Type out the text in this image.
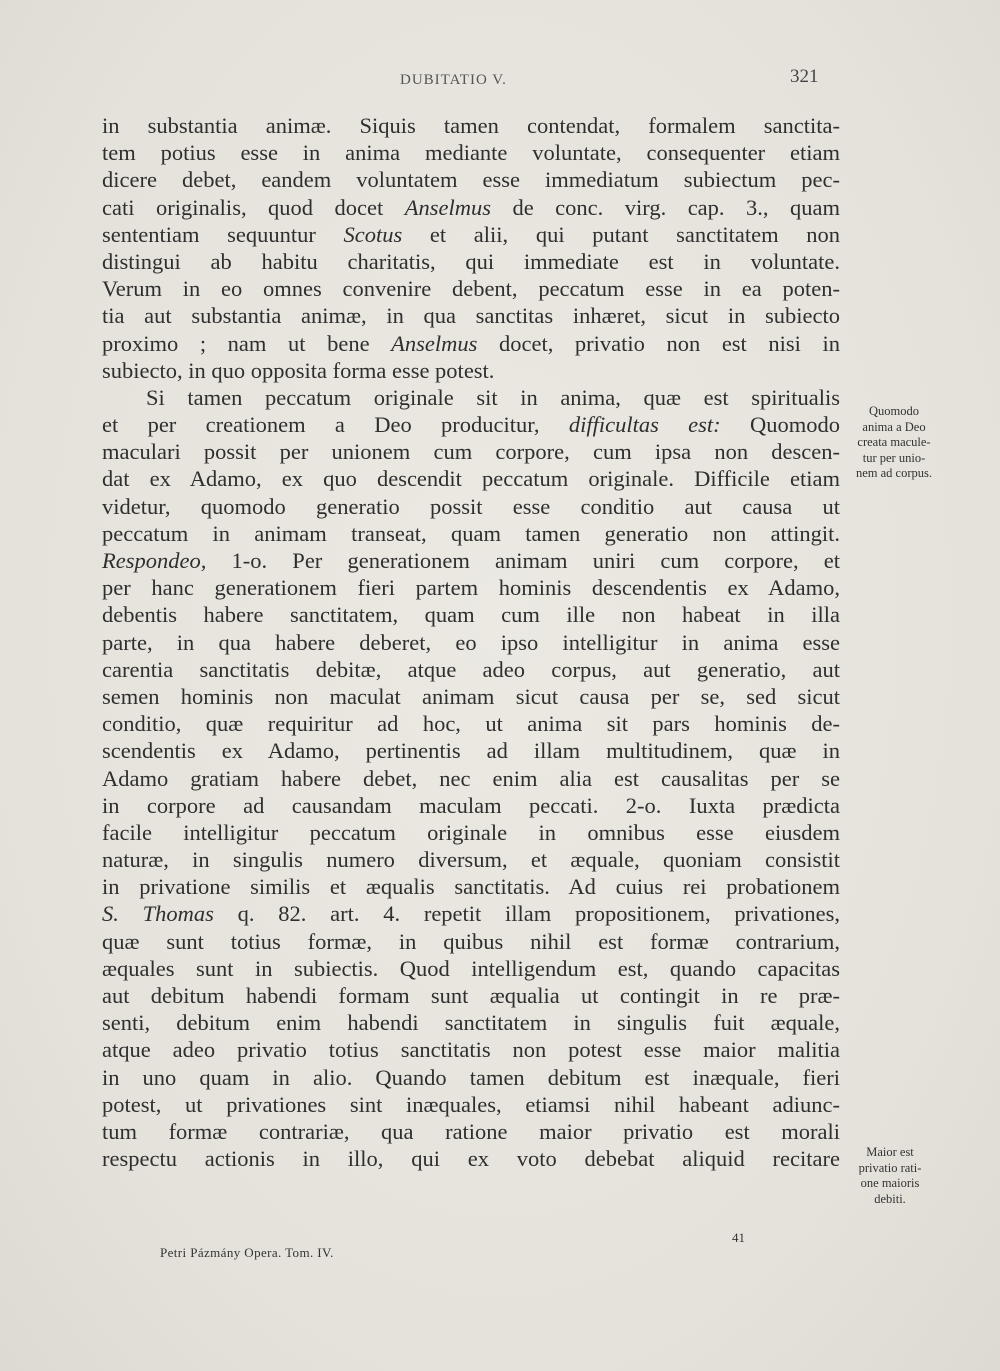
DUBITATIO V.	321
in substantia animæ. Siquis tamen contendat, formalem sanctita-
tem potius esse in anima mediante voluntate, consequenter etiam
dicere debet, eandem voluntatem esse immediatum subiectum pec-
cati originalis, quod docet Anselmus de conc. virg. cap. 3., quam
sententiam sequuntur Scotus et alii, qui putant sanctitatem non
distingui ab habitu charitatis, qui immediate est in voluntate.
Verum in eo omnes convenire debent, peccatum esse in ea poten-
tia aut substantia animæ, in qua sanctitas inhæret, sicut in subiecto
proximo ; nam ut bene Anselmus docet, privatio non est nisi in
subiecto, in quo opposita forma esse potest.
Si tamen peccatum originale sit in anima, quæ est spiritualis
et per creationem a Deo producitur, difficultas est: Quomodo
maculari possit per unionem cum corpore, cum ipsa non descen-
dat ex Adamo, ex quo descendit peccatum originale. Difficile etiam
videtur, quomodo generatio possit esse conditio aut causa ut
peccatum in animam transeat, quam tamen generatio non attingit.
Respondeo, 1-o. Per generationem animam uniri cum corpore, et
per hanc generationem fieri partem hominis descendentis ex Adamo,
debentis habere sanctitatem, quam cum ille non habeat in illa
parte, in qua habere deberet, eo ipso intelligitur in anima esse
carentia sanctitatis debitæ, atque adeo corpus, aut generatio, aut
semen hominis non maculat animam sicut causa per se, sed sicut
conditio, quæ requiritur ad hoc, ut anima sit pars hominis de-
scendentis ex Adamo, pertinentis ad illam multitudinem, quæ in
Adamo gratiam habere debet, nec enim alia est causalitas per se
in corpore ad causandam maculam peccati. 2-o. Iuxta prædicta
facile intelligitur peccatum originale in omnibus esse eiusdem
naturæ, in singulis numero diversum, et æquale, quoniam consistit
in privatione similis et æqualis sanctitatis. Ad cuius rei probationem
S. Thomas q. 82. art. 4. repetit illam propositionem, privationes,
quæ sunt totius formæ, in quibus nihil est formæ contrarium,
æquales sunt in subiectis. Quod intelligendum est, quando capacitas
aut debitum habendi formam sunt æqualia ut contingit in re præ-
senti, debitum enim habendi sanctitatem in singulis fuit æquale,
atque adeo privatio totius sanctitatis non potest esse maior malitia
in uno quam in alio. Quando tamen debitum est inæquale, fieri
potest, ut privationes sint inæquales, etiamsi nihil habeant adiunc-
tum formæ contrariæ, qua ratione maior privatio est morali
respectu actionis in illo, qui ex voto debebat aliquid recitare
Quomodo
anima a Deo
creata macule-
tur per unio-
nem ad corpus.
Maior est
privatio rati-
one maioris
debiti.
Petri Pázmány Opera. Tom. IV.
41
